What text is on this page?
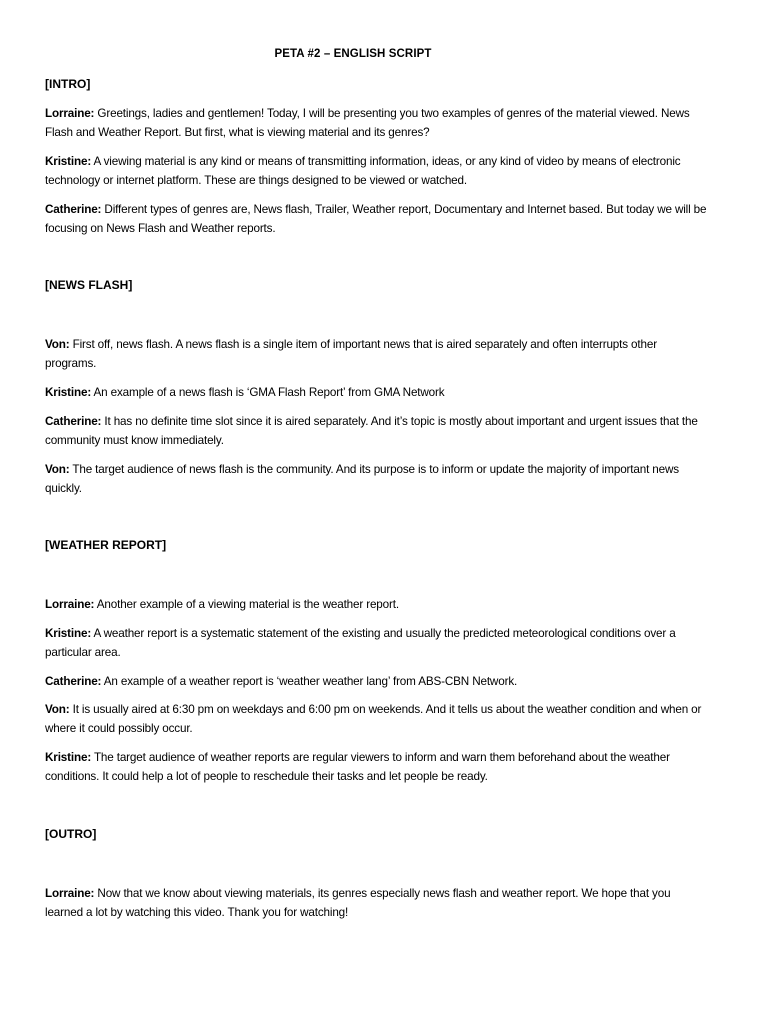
PETA #2 – ENGLISH SCRIPT
[INTRO]
Lorraine: Greetings, ladies and gentlemen! Today, I will be presenting you two examples of genres of the material viewed. News Flash and Weather Report. But first, what is viewing material and its genres?
Kristine: A viewing material is any kind or means of transmitting information, ideas, or any kind of video by means of electronic technology or internet platform. These are things designed to be viewed or watched.
Catherine: Different types of genres are, News flash, Trailer, Weather report, Documentary and Internet based. But today we will be focusing on News Flash and Weather reports.
[NEWS FLASH]
Von: First off, news flash. A news flash is a single item of important news that is aired separately and often interrupts other programs.
Kristine: An example of a news flash is ‘GMA Flash Report’ from GMA Network
Catherine: It has no definite time slot since it is aired separately. And it’s topic is mostly about important and urgent issues that the community must know immediately.
Von: The target audience of news flash is the community. And its purpose is to inform or update the majority of important news quickly.
[WEATHER REPORT]
Lorraine: Another example of a viewing material is the weather report.
Kristine: A weather report is a systematic statement of the existing and usually the predicted meteorological conditions over a particular area.
Catherine: An example of a weather report is ‘weather weather lang’ from ABS-CBN Network.
Von: It is usually aired at 6:30 pm on weekdays and 6:00 pm on weekends. And it tells us about the weather condition and when or where it could possibly occur.
Kristine: The target audience of weather reports are regular viewers to inform and warn them beforehand about the weather conditions. It could help a lot of people to reschedule their tasks and let people be ready.
[OUTRO]
Lorraine: Now that we know about viewing materials, its genres especially news flash and weather report. We hope that you learned a lot by watching this video. Thank you for watching!
